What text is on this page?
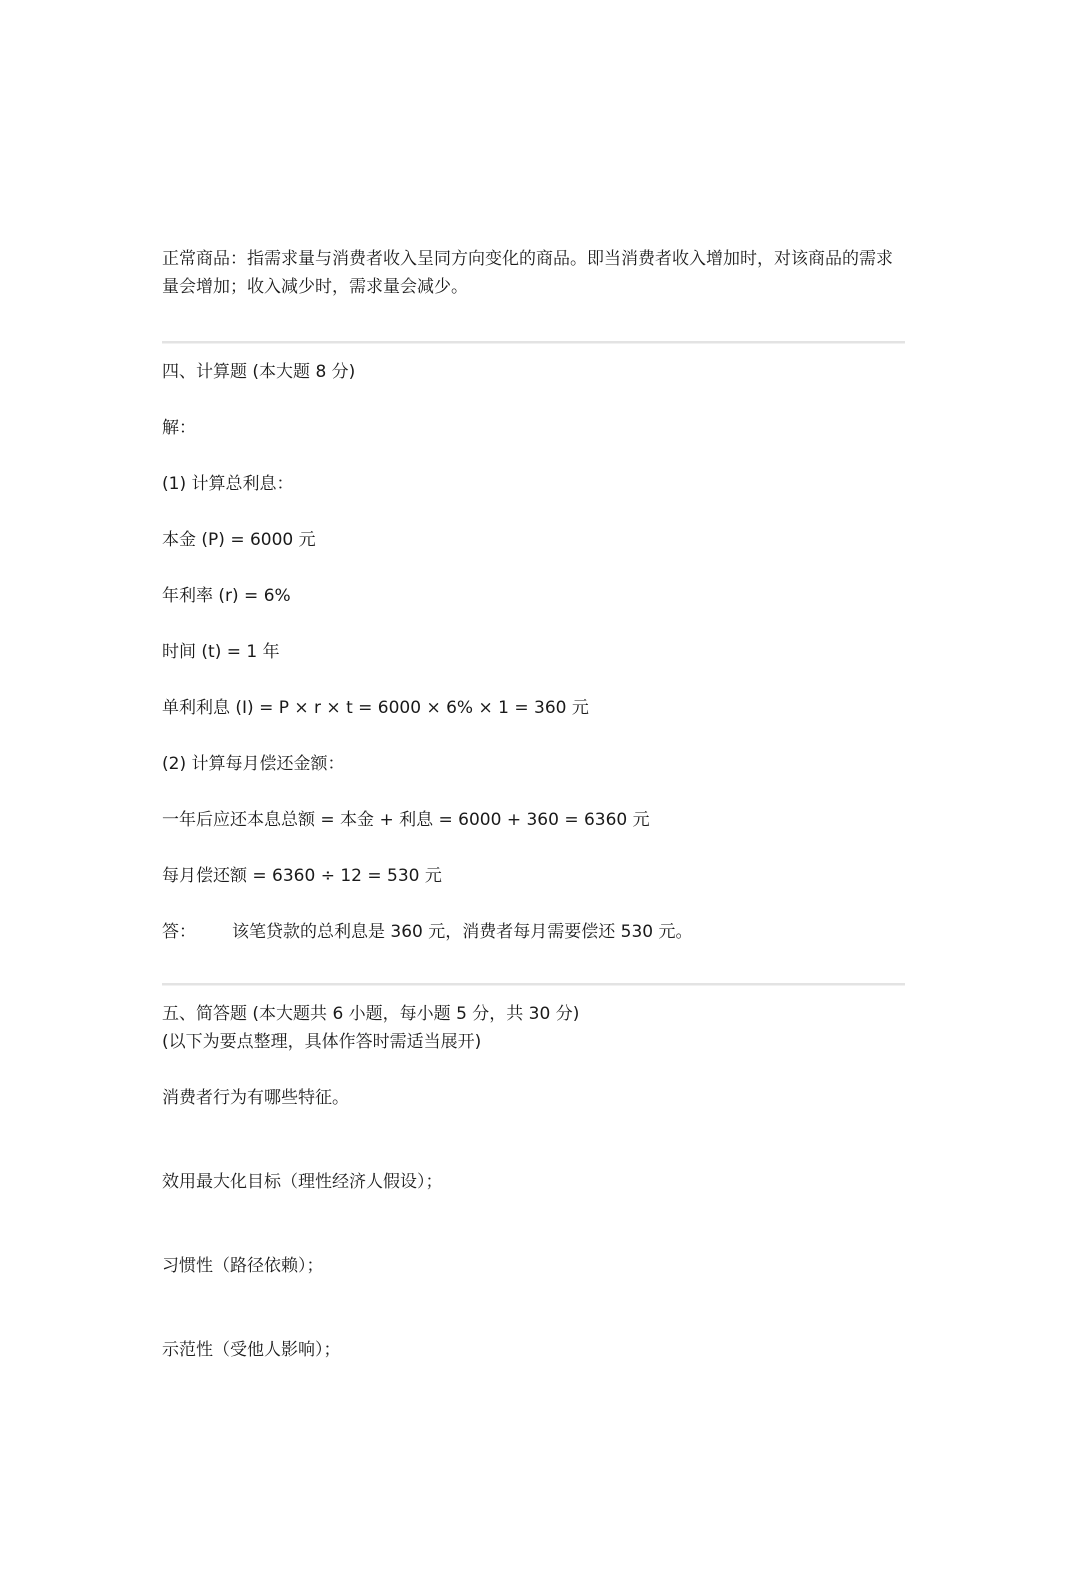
正常商品：指需求量与消费者收入呈同方向变化的商品。即当消费者收入增加时，对该商品的需求量会增加；收入减少时，需求量会减少。
四、计算题 (本大题 8 分)
解：
(1) 计算总利息：
本金 (P) = 6000 元
年利率 (r) = 6%
时间 (t) = 1 年
单利利息 (I) = P × r × t = 6000 × 6% × 1 = 360 元
(2) 计算每月偿还金额：
一年后应还本息总额 = 本金 + 利息 = 6000 + 360 = 6360 元
每月偿还额 = 6360 ÷ 12 = 530 元
答： 该笔贷款的总利息是 360 元，消费者每月需要偿还 530 元。
五、简答题 (本大题共 6 小题，每小题 5 分，共 30 分)
(以下为要点整理，具体作答时需适当展开)
消费者行为有哪些特征。
效用最大化目标（理性经济人假设）；
习惯性（路径依赖）；
示范性（受他人影响）；
